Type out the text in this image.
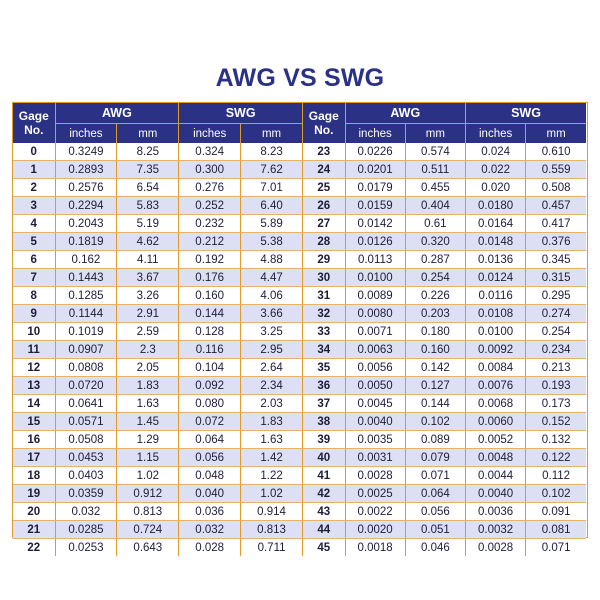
AWG VS SWG
Gage
No.	AWG		SWG	
	inches	mm	inches	mm
0	0.3249	8.25	0.324	8.23
1	0.2893	7.35	0.300	7.62
2	0.2576	6.54	0.276	7.01
3	0.2294	5.83	0.252	6.40
4	0.2043	5.19	0.232	5.89
5	0.1819	4.62	0.212	5.38
6	0.162	4.11	0.192	4.88
7	0.1443	3.67	0.176	4.47
8	0.1285	3.26	0.160	4.06
9	0.1144	2.91	0.144	3.66
10	0.1019	2.59	0.128	3.25
11	0.0907	2.3	0.116	2.95
12	0.0808	2.05	0.104	2.64
13	0.0720	1.83	0.092	2.34
14	0.0641	1.63	0.080	2.03
15	0.0571	1.45	0.072	1.83
16	0.0508	1.29	0.064	1.63
17	0.0453	1.15	0.056	1.42
18	0.0403	1.02	0.048	1.22
19	0.0359	0.912	0.040	1.02
20	0.032	0.813	0.036	0.914
21	0.0285	0.724	0.032	0.813
22	0.0253	0.643	0.028	0.711
Gage
No.	AWG		SWG	
	inches	mm	inches	mm
23	0.0226	0.574	0.024	0.610
24	0.0201	0.511	0.022	0.559
25	0.0179	0.455	0.020	0.508
26	0.0159	0.404	0.0180	0.457
27	0.0142	0.61	0.0164	0.417
28	0.0126	0.320	0.0148	0.376
29	0.0113	0.287	0.0136	0.345
30	0.0100	0.254	0.0124	0.315
31	0.0089	0.226	0.0116	0.295
32	0.0080	0.203	0.0108	0.274
33	0.0071	0.180	0.0100	0.254
34	0.0063	0.160	0.0092	0.234
35	0.0056	0.142	0.0084	0.213
36	0.0050	0.127	0.0076	0.193
37	0.0045	0.144	0.0068	0.173
38	0.0040	0.102	0.0060	0.152
39	0.0035	0.089	0.0052	0.132
40	0.0031	0.079	0.0048	0.122
41	0.0028	0.071	0.0044	0.112
42	0.0025	0.064	0.0040	0.102
43	0.0022	0.056	0.0036	0.091
44	0.0020	0.051	0.0032	0.081
45	0.0018	0.046	0.0028	0.071
